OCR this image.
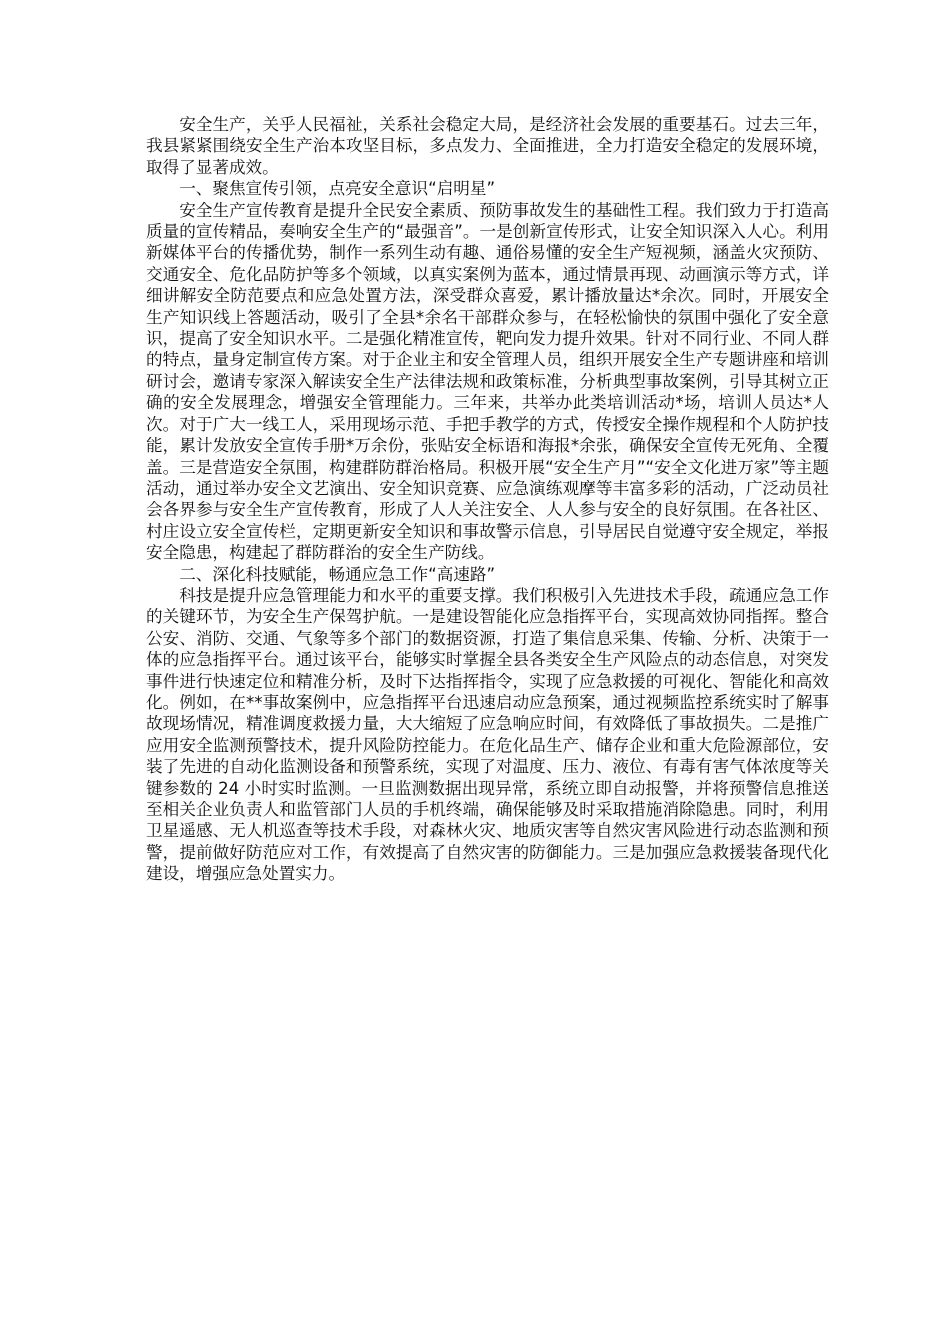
安全生产，关乎人民福祉，关系社会稳定大局，是经济社会发展的重要基石。过去三年，我县紧紧围绕安全生产治本攻坚目标，多点发力、全面推进，全力打造安全稳定的发展环境，取得了显著成效。

一、聚焦宣传引领，点亮安全意识“启明星”

安全生产宣传教育是提升全民安全素质、预防事故发生的基础性工程。我们致力于打造高质量的宣传精品，奏响安全生产的“最强音”。一是创新宣传形式，让安全知识深入人心。利用新媒体平台的传播优势，制作一系列生动有趣、通俗易懂的安全生产短视频，涵盖火灾预防、交通安全、危化品防护等多个领域，以真实案例为蓝本，通过情景再现、动画演示等方式，详细讲解安全防范要点和应急处置方法，深受群众喜爱，累计播放量达*余次。同时，开展安全生产知识线上答题活动，吸引了全县*余名干部群众参与，在轻松愉快的氛围中强化了安全意识，提高了安全知识水平。二是强化精准宣传，靶向发力提升效果。针对不同行业、不同人群的特点，量身定制宣传方案。对于企业主和安全管理人员，组织开展安全生产专题讲座和培训研讨会，邀请专家深入解读安全生产法律法规和政策标准，分析典型事故案例，引导其树立正确的安全发展理念，增强安全管理能力。三年来，共举办此类培训活动*场，培训人员达*人次。对于广大一线工人，采用现场示范、手把手教学的方式，传授安全操作规程和个人防护技能，累计发放安全宣传手册*万余份，张贴安全标语和海报*余张，确保安全宣传无死角、全覆盖。三是营造安全氛围，构建群防群治格局。积极开展“安全生产月”“安全文化进万家”等主题活动，通过举办安全文艺演出、安全知识竞赛、应急演练观摩等丰富多彩的活动，广泛动员社会各界参与安全生产宣传教育，形成了人人关注安全、人人参与安全的良好氛围。在各社区、村庄设立安全宣传栏，定期更新安全知识和事故警示信息，引导居民自觉遵守安全规定，举报安全隐患，构建起了群防群治的安全生产防线。

二、深化科技赋能，畅通应急工作“高速路”

科技是提升应急管理能力和水平的重要支撑。我们积极引入先进技术手段，疏通应急工作的关键环节，为安全生产保驾护航。一是建设智能化应急指挥平台，实现高效协同指挥。整合公安、消防、交通、气象等多个部门的数据资源，打造了集信息采集、传输、分析、决策于一体的应急指挥平台。通过该平台，能够实时掌握全县各类安全生产风险点的动态信息，对突发事件进行快速定位和精准分析，及时下达指挥指令，实现了应急救援的可视化、智能化和高效化。例如，在**事故案例中，应急指挥平台迅速启动应急预案，通过视频监控系统实时了解事故现场情况，精准调度救援力量，大大缩短了应急响应时间，有效降低了事故损失。二是推广应用安全监测预警技术，提升风险防控能力。在危化品生产、储存企业和重大危险源部位，安装了先进的自动化监测设备和预警系统，实现了对温度、压力、液位、有毒有害气体浓度等关键参数的 24 小时实时监测。一旦监测数据出现异常，系统立即自动报警，并将预警信息推送至相关企业负责人和监管部门人员的手机终端，确保能够及时采取措施消除隐患。同时，利用卫星遥感、无人机巡查等技术手段，对森林火灾、地质灾害等自然灾害风险进行动态监测和预警，提前做好防范应对工作，有效提高了自然灾害的防御能力。三是加强应急救援装备现代化建设，增强应急处置实力。
